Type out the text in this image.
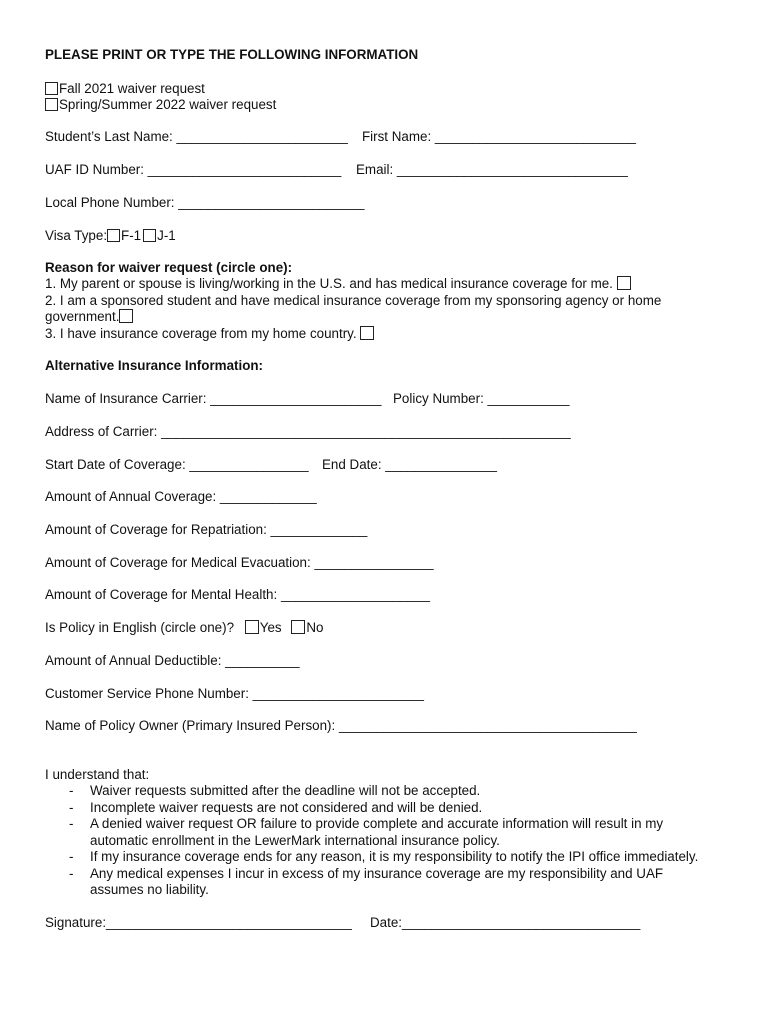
PLEASE PRINT OR TYPE THE FOLLOWING INFORMATION
Fall 2021 waiver request
Spring/Summer 2022 waiver request
Student’s Last Name: _______________________ First Name: ___________________________
UAF ID Number: __________________________ Email: _______________________________
Local Phone Number: _________________________
Visa Type: F-1 J-1
Reason for waiver request (circle one):
1. My parent or spouse is living/working in the U.S. and has medical insurance coverage for me.
2. I am a sponsored student and have medical insurance coverage from my sponsoring agency or home
government.
3. I have insurance coverage from my home country.
Alternative Insurance Information:
Name of Insurance Carrier: _______________________ Policy Number: ___________
Address of Carrier: _______________________________________________________
Start Date of Coverage: ________________ End Date: _______________
Amount of Annual Coverage: _____________
Amount of Coverage for Repatriation: _____________
Amount of Coverage for Medical Evacuation: ________________
Amount of Coverage for Mental Health: ____________________
Is Policy in English (circle one)? Yes No
Amount of Annual Deductible: __________
Customer Service Phone Number: _______________________
Name of Policy Owner (Primary Insured Person): ________________________________________
I understand that:
- Waiver requests submitted after the deadline will not be accepted.
- Incomplete waiver requests are not considered and will be denied.
- A denied waiver request OR failure to provide complete and accurate information will result in my
automatic enrollment in the LewerMark international insurance policy.
- If my insurance coverage ends for any reason, it is my responsibility to notify the IPI office immediately.
- Any medical expenses I incur in excess of my insurance coverage are my responsibility and UAF
assumes no liability.
Signature:_________________________________ Date:________________________________
